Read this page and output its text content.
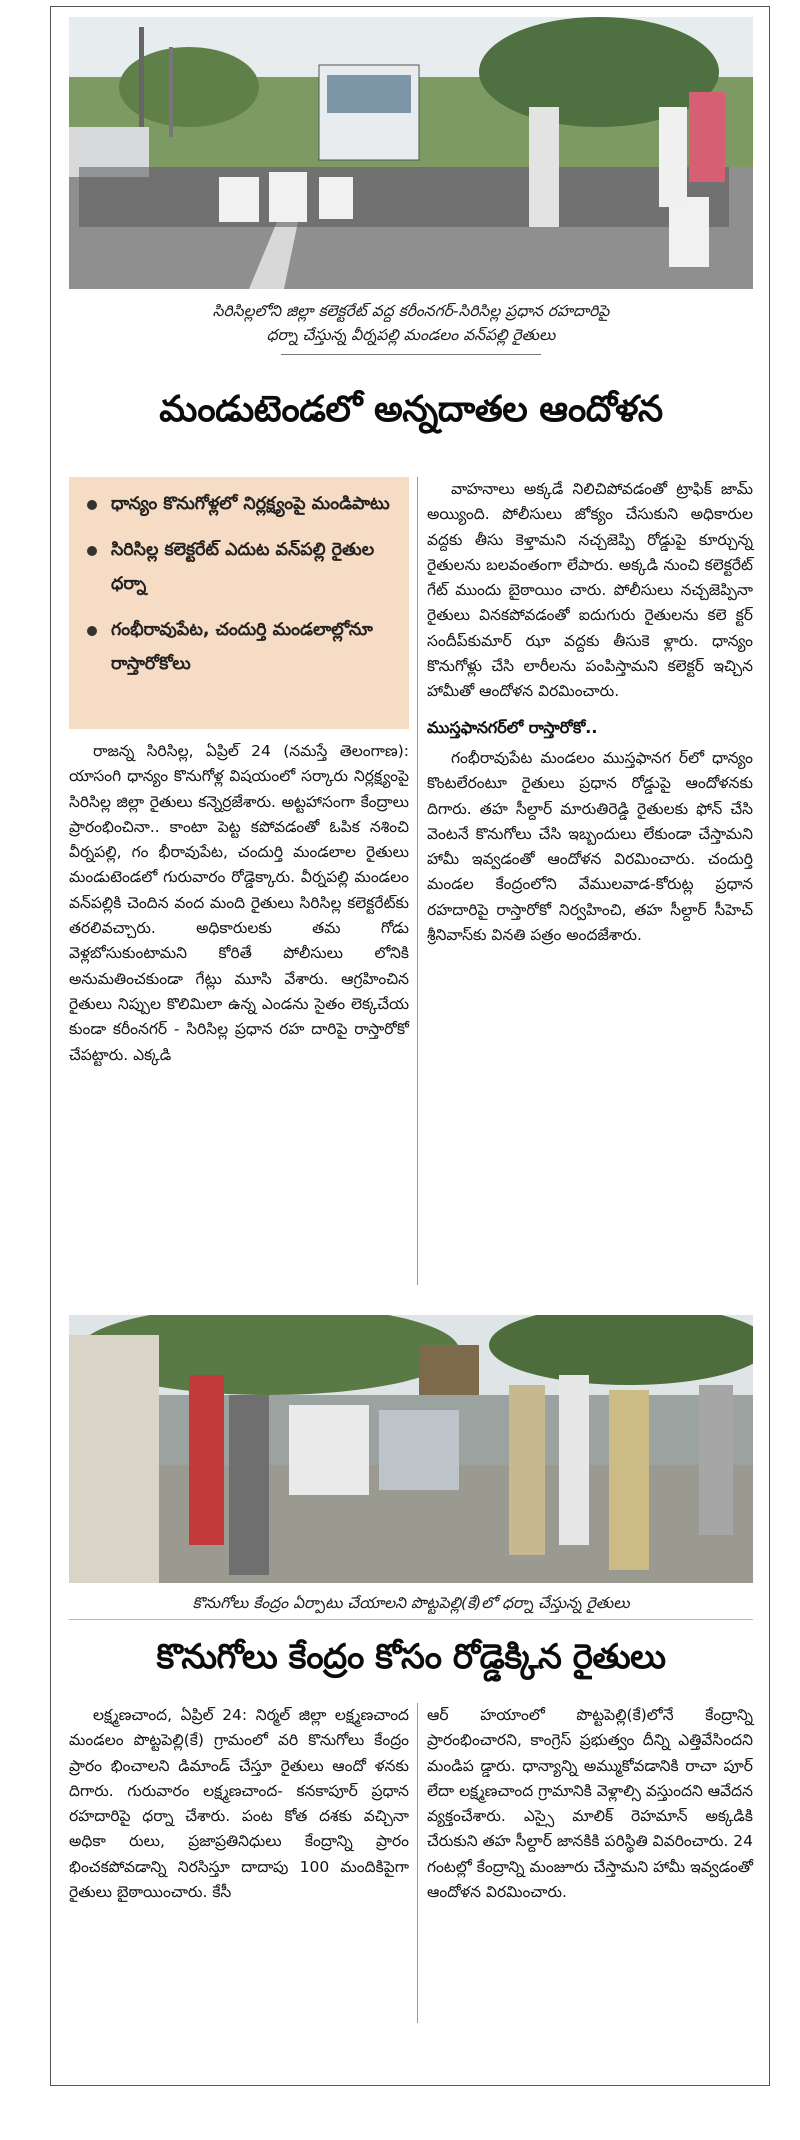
సిరిసిల్లలోని జిల్లా కలెక్టరేట్ వద్ద కరీంనగర్-సిరిసిల్ల ప్రధాన రహదారిపై
ధర్నా చేస్తున్న వీర్నపల్లి మండలం వన్‌పల్లి రైతులు
మండుటెండలో అన్నదాతల ఆందోళన
ధాన్యం కొనుగోళ్లలో నిర్లక్ష్యంపై మండిపాటు
సిరిసిల్ల కలెక్టరేట్ ఎదుట వన్‌పల్లి రైతుల ధర్నా
గంభీరావుపేట, చందుర్తి మండలాల్లోనూ రాస్తారోకోలు

రాజన్న సిరిసిల్ల, ఏప్రిల్ 24 (నమస్తే తెలంగాణ): యాసంగి ధాన్యం కొనుగోళ్ల విషయంలో సర్కారు నిర్లక్ష్యంపై సిరిసిల్ల జిల్లా రైతులు కన్నెర్రజేశారు. అట్టహాసంగా కేంద్రాలు ప్రారంభించినా.. కాంటా పెట్ట కపోవడంతో ఓపిక నశించి వీర్నపల్లి, గం భీరావుపేట, చందుర్తి మండలాల రైతులు మండుటెండలో గురువారం రోడ్డెక్కారు. వీర్నపల్లి మండలం వన్‌పల్లికి చెందిన వంద మంది రైతులు సిరిసిల్ల కలెక్టరేట్‌కు తరలివచ్చారు. అధికారులకు తమ గోడు వెళ్లబోసుకుంటామని కోరితే పోలీసులు లోనికి అనుమతించకుండా గేట్లు మూసి వేశారు. ఆగ్రహించిన రైతులు నిప్పుల కొలిమిలా ఉన్న ఎండను సైతం లెక్కచేయ కుండా కరీంనగర్ - సిరిసిల్ల ప్రధాన రహ దారిపై రాస్తారోకో చేపట్టారు. ఎక్కడి

వాహనాలు అక్కడే నిలిచిపోవడంతో ట్రాఫిక్ జామ్ అయ్యింది. పోలీసులు జోక్యం చేసుకుని అధికారుల వద్దకు తీసు కెళ్తామని నచ్చజెప్పి రోడ్డుపై కూర్చున్న రైతులను బలవంతంగా లేపారు. అక్కడి నుంచి కలెక్టరేట్ గేట్ ముందు బైఠాయిం చారు. పోలీసులు నచ్చజెప్పినా రైతులు వినకపోవడంతో ఐదుగురు రైతులను కలె క్టర్ సందీప్‌కుమార్ ఝా వద్దకు తీసుకె ళ్లారు. ధాన్యం కొనుగోళ్లు చేసి లారీలను పంపిస్తామని కలెక్టర్ ఇచ్చిన హామీతో ఆందోళన విరమించారు.

ముస్తఫానగర్‌లో రాస్తారోకో..

గంభీరావుపేట మండలం ముస్తఫానగ ర్‌లో ధాన్యం కొంటలేరంటూ రైతులు ప్రధాన రోడ్డుపై ఆందోళనకు దిగారు. తహ సీల్దార్ మారుతిరెడ్డి రైతులకు ఫోన్ చేసి వెంటనే కొనుగోలు చేసి ఇబ్బందులు లేకుండా చేస్తామని హామీ ఇవ్వడంతో ఆందోళన విరమించారు. చందుర్తి మండల కేంద్రంలోని వేములవాడ-కోరుట్ల ప్రధాన రహదారిపై రాస్తారోకో నిర్వహించి, తహ సీల్దార్ సీహెచ్ శ్రీనివాస్‌కు వినతి పత్రం అందజేశారు.

కొనుగోలు కేంద్రం ఏర్పాటు చేయాలని పొట్టపెల్లి(కే)లో ధర్నా చేస్తున్న రైతులు
కొనుగోలు కేంద్రం కోసం రోడ్డెక్కిన రైతులు

లక్ష్మణచాంద, ఏప్రిల్ 24: నిర్మల్ జిల్లా లక్ష్మణచాంద మండలం పొట్టపెల్లి(కే) గ్రామంలో వరి కొనుగోలు కేంద్రం ప్రారం భించాలని డిమాండ్ చేస్తూ రైతులు ఆందో ళనకు దిగారు. గురువారం లక్ష్మణచాంద- కనకాపూర్ ప్రధాన రహదారిపై ధర్నా చేశారు. పంట కోత దశకు వచ్చినా అధికా రులు, ప్రజాప్రతినిధులు కేంద్రాన్ని ప్రారం భించకపోవడాన్ని నిరసిస్తూ దాదాపు 100 మందికిపైగా రైతులు బైఠాయించారు. కేసీ

ఆర్ హయాంలో పొట్టపెల్లి(కే)లోనే కేంద్రాన్ని ప్రారంభించారని, కాంగ్రెస్ ప్రభుత్వం దీన్ని ఎత్తివేసిందని మండిప డ్డారు. ధాన్యాన్ని అమ్ముకోవడానికి రాచా పూర్ లేదా లక్ష్మణచాంద గ్రామానికి వెళ్లాల్సి వస్తుందని ఆవేదన వ్యక్తంచేశారు. ఎస్సై మాలిక్ రెహమాన్ అక్కడికి చేరుకుని తహ సీల్దార్ జానకికి పరిస్థితి వివరించారు. 24 గంటల్లో కేంద్రాన్ని మంజూరు చేస్తామని హామీ ఇవ్వడంతో ఆందోళన విరమించారు.
